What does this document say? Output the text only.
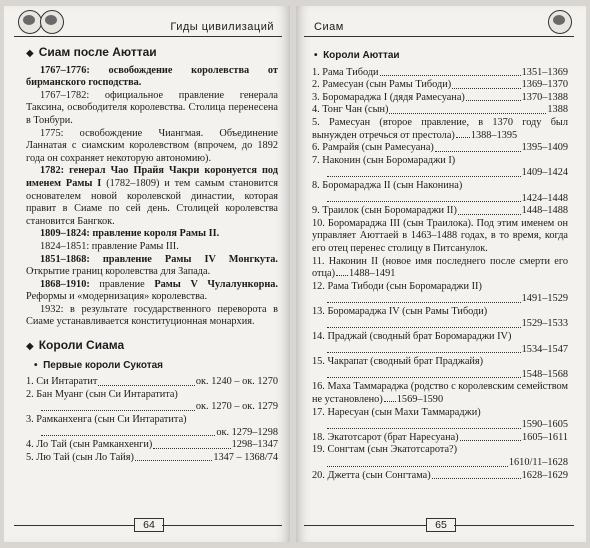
Гиды цивилизаций
◆ Сиам после Аюттаи

1767–1776: освобождение королевства от бирманского господства.

1767–1782: официальное правление генерала Таксина, освободителя королевства. Столица перенесена в Тонбури.

1775: освобождение Чиангмая. Объединение Ланнатая с сиамским королевством (впрочем, до 1892 года он сохраняет некоторую автономию).

1782: генерал Чао Прайя Чакри коронуется под именем Рамы I (1782–1809) и тем самым становится основателем новой королевской династии, которая правит в Сиаме по сей день. Столицей королевства становится Бангкок.

1809–1824: правление короля Рамы II.

1824–1851: правление Рамы III.

1851–1868: правление Рамы IV Монгкута. Открытие границ королевства для Запада.

1868–1910: правление Рамы V Чулалункорна. Реформы и «модернизация» королевства.

1932: в результате государственного переворота в Сиаме устанавливается конституционная монархия.

◆ Короли Сиама
• Первые короли Сукотая
1. Си Интаратит	ок. 1240 – ок. 1270
2. Бан Муанг (сын Си Интаратита)
ок. 1270 – ок. 1279
3. Рамканхенга (сын Си Интаратита)
ок. 1279–1298
4. Ло Тай (сын Рамканхенги)	1298–1347
5. Лю Тай (сын Ло Тайя)	1347 – 1368/74
64
Сиам
• Короли Аюттаи
1. Рама Тибоди	1351–1369
2. Рамесуан (сын Рамы Тибоди)	1369–1370
3. Боромараджа I (дядя Рамесуана)	1370–1388
4. Тонг Чан (сын)	1388
5. Рамесуан (второе правление, в 1370 году был вынужден отречься от престола) 1388–1395
6. Рамрайя (сын Рамесуана)	1395–1409
7. Наконин (сын Боромараджи I)
1409–1424
8. Боромараджа II (сын Наконина)
1424–1448
9. Траилок (сын Боромараджи II)	1448–1488
10. Боромараджа III (сын Траилока). Под этим именем он управляет Аюттаей в 1463–1488 годах, в то время, когда его отец перенес столицу в Питсанулок.
11. Наконин II (новое имя последнего после смерти его отца) 1488–1491
12. Рама Тибоди (сын Боромараджи II)
1491–1529
13. Боромараджа IV (сын Рамы Тибоди)
1529–1533
14. Праджай (сводный брат Боромараджи IV)
1534–1547
15. Чакрапат (сводный брат Праджайя)
1548–1568
16. Маха Таммараджа (родство с королевским семейством не установлено) 1569–1590
17. Наресуан (сын Махи Таммараджи)
1590–1605
18. Экатотсарот (брат Наресуана)	1605–1611
19. Сонгтам (сын Экатотсарота?)
1610/11–1628
20. Джетта (сын Сонгтама)	1628–1629
65
